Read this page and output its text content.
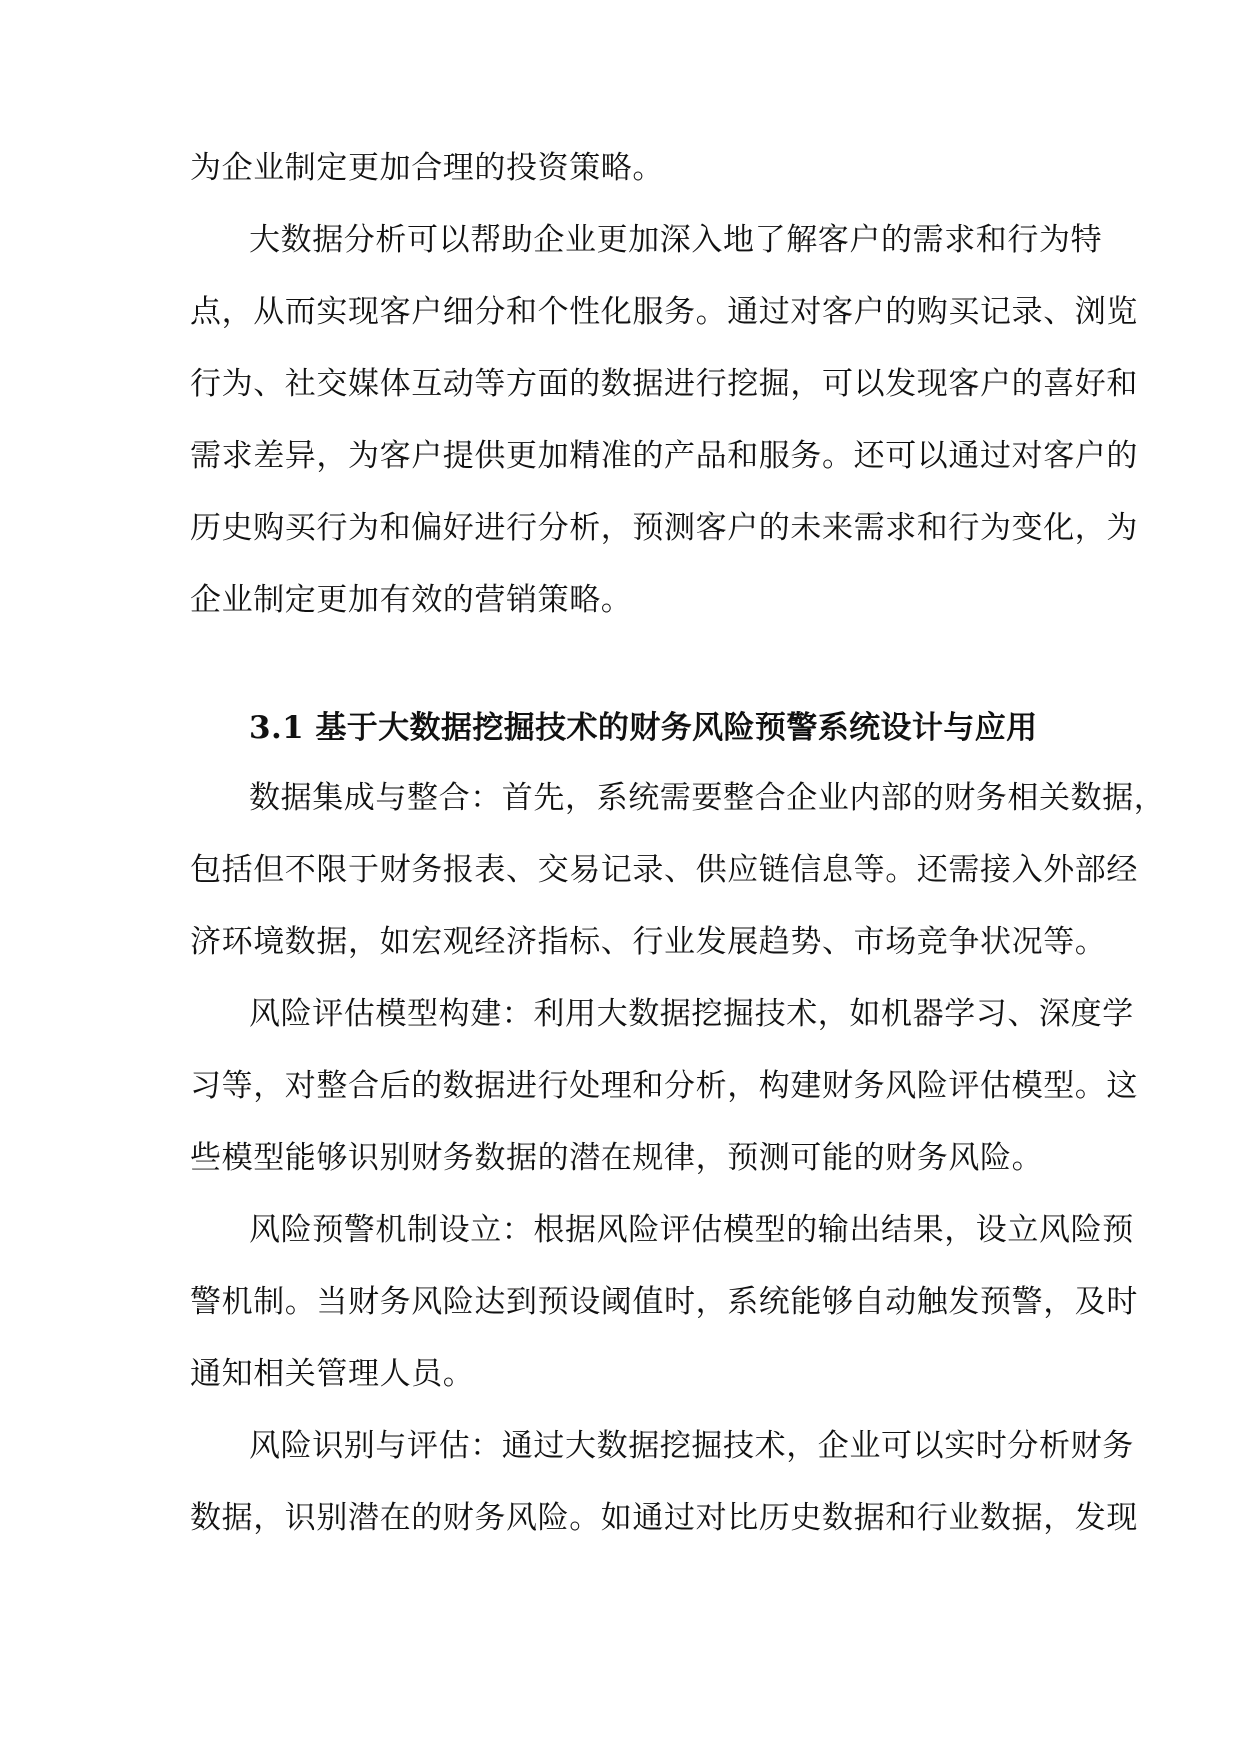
为企业制定更加合理的投资策略。
大数据分析可以帮助企业更加深入地了解客户的需求和行为特
点，从而实现客户细分和个性化服务。通过对客户的购买记录、浏览
行为、社交媒体互动等方面的数据进行挖掘，可以发现客户的喜好和
需求差异，为客户提供更加精准的产品和服务。还可以通过对客户的
历史购买行为和偏好进行分析，预测客户的未来需求和行为变化，为
企业制定更加有效的营销策略。
3.1 基于大数据挖掘技术的财务风险预警系统设计与应用
数据集成与整合：首先，系统需要整合企业内部的财务相关数据，
包括但不限于财务报表、交易记录、供应链信息等。还需接入外部经
济环境数据，如宏观经济指标、行业发展趋势、市场竞争状况等。
风险评估模型构建：利用大数据挖掘技术，如机器学习、深度学
习等，对整合后的数据进行处理和分析，构建财务风险评估模型。这
些模型能够识别财务数据的潜在规律，预测可能的财务风险。
风险预警机制设立：根据风险评估模型的输出结果，设立风险预
警机制。当财务风险达到预设阈值时，系统能够自动触发预警，及时
通知相关管理人员。
风险识别与评估：通过大数据挖掘技术，企业可以实时分析财务
数据，识别潜在的财务风险。如通过对比历史数据和行业数据，发现
